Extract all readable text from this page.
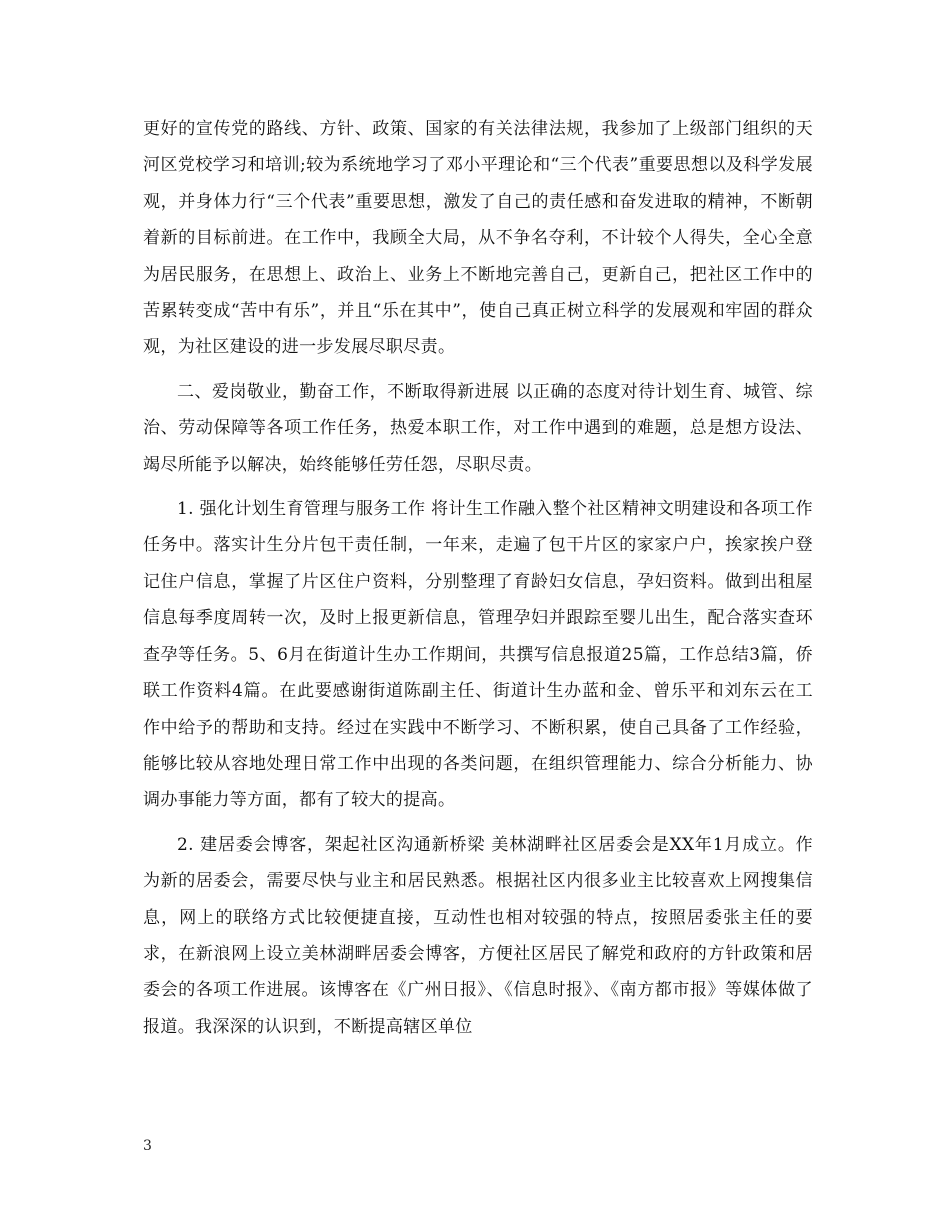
更好的宣传党的路线、方针、政策、国家的有关法律法规，我参加了上级部门组织的天河区党校学习和培训;较为系统地学习了邓小平理论和“三个代表”重要思想以及科学发展观，并身体力行“三个代表”重要思想，激发了自己的责任感和奋发进取的精神，不断朝着新的目标前进。在工作中，我顾全大局，从不争名夺利，不计较个人得失，全心全意为居民服务，在思想上、政治上、业务上不断地完善自己，更新自己，把社区工作中的苦累转变成“苦中有乐”，并且“乐在其中”，使自己真正树立科学的发展观和牢固的群众观，为社区建设的进一步发展尽职尽责。

二、爱岗敬业，勤奋工作，不断取得新进展 以正确的态度对待计划生育、城管、综治、劳动保障等各项工作任务，热爱本职工作，对工作中遇到的难题，总是想方设法、竭尽所能予以解决，始终能够任劳任怨，尽职尽责。

1. 强化计划生育管理与服务工作 将计生工作融入整个社区精神文明建设和各项工作任务中。落实计生分片包干责任制，一年来，走遍了包干片区的家家户户，挨家挨户登记住户信息，掌握了片区住户资料，分别整理了育龄妇女信息，孕妇资料。做到出租屋信息每季度周转一次，及时上报更新信息，管理孕妇并跟踪至婴儿出生，配合落实查环查孕等任务。5、6月在街道计生办工作期间，共撰写信息报道25篇，工作总结3篇，侨联工作资料4篇。在此要感谢街道陈副主任、街道计生办蓝和金、曾乐平和刘东云在工作中给予的帮助和支持。经过在实践中不断学习、不断积累，使自己具备了工作经验，能够比较从容地处理日常工作中出现的各类问题，在组织管理能力、综合分析能力、协调办事能力等方面，都有了较大的提高。

2. 建居委会博客，架起社区沟通新桥梁 美林湖畔社区居委会是XX年1月成立。作为新的居委会，需要尽快与业主和居民熟悉。根据社区内很多业主比较喜欢上网搜集信息，网上的联络方式比较便捷直接，互动性也相对较强的特点，按照居委张主任的要求，在新浪网上设立美林湖畔居委会博客，方便社区居民了解党和政府的方针政策和居委会的各项工作进展。该博客在《广州日报》、《信息时报》、《南方都市报》等媒体做了报道。我深深的认识到，不断提高辖区单位

3
